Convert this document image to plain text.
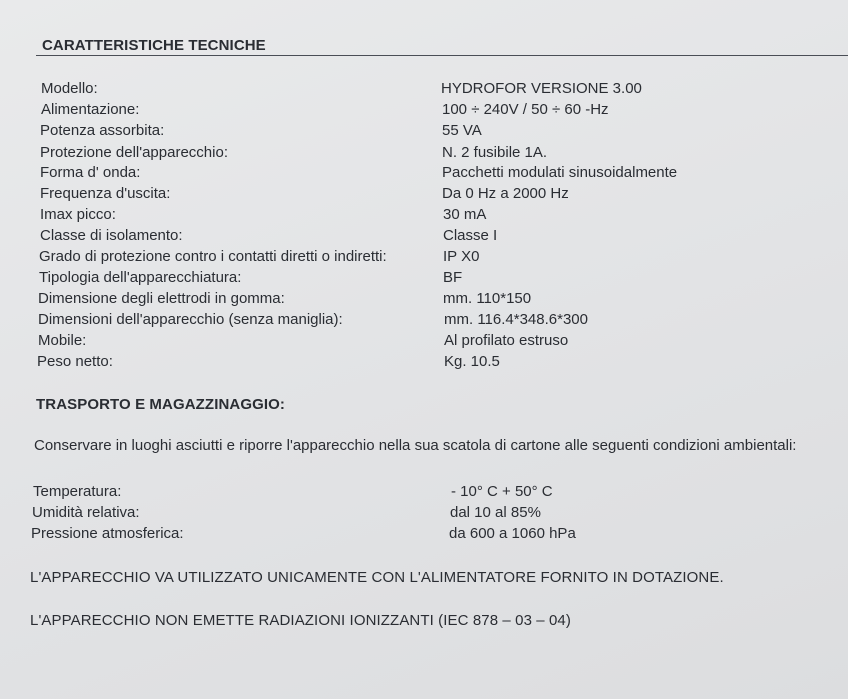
CARATTERISTICHE TECNICHE
Modello:	HYDROFOR VERSIONE 3.00
Alimentazione:	100 ÷ 240V / 50 ÷ 60 -Hz
Potenza assorbita:	55 VA
Protezione dell'apparecchio:	N. 2 fusibile 1A.
Forma d' onda:	Pacchetti modulati sinusoidalmente
Frequenza d'uscita:	Da 0 Hz a 2000 Hz
Imax picco:	30 mA
Classe di isolamento:	Classe I
Grado di protezione contro i contatti diretti o indiretti:	IP X0
Tipologia dell'apparecchiatura:	BF
Dimensione degli elettrodi in gomma:	mm. 110*150
Dimensioni dell'apparecchio (senza maniglia):	mm. 116.4*348.6*300
Mobile:	Al profilato estruso
Peso netto:	Kg. 10.5
TRASPORTO E MAGAZZINAGGIO:
Conservare in luoghi asciutti e riporre l'apparecchio nella sua scatola di cartone alle seguenti condizioni ambientali:
Temperatura:	- 10° C + 50° C
Umidità relativa:	dal 10 al 85%
Pressione atmosferica:	da 600 a 1060 hPa
L'APPARECCHIO VA UTILIZZATO UNICAMENTE CON L'ALIMENTATORE FORNITO IN DOTAZIONE.
L'APPARECCHIO NON EMETTE RADIAZIONI IONIZZANTI (IEC 878 – 03 – 04)
